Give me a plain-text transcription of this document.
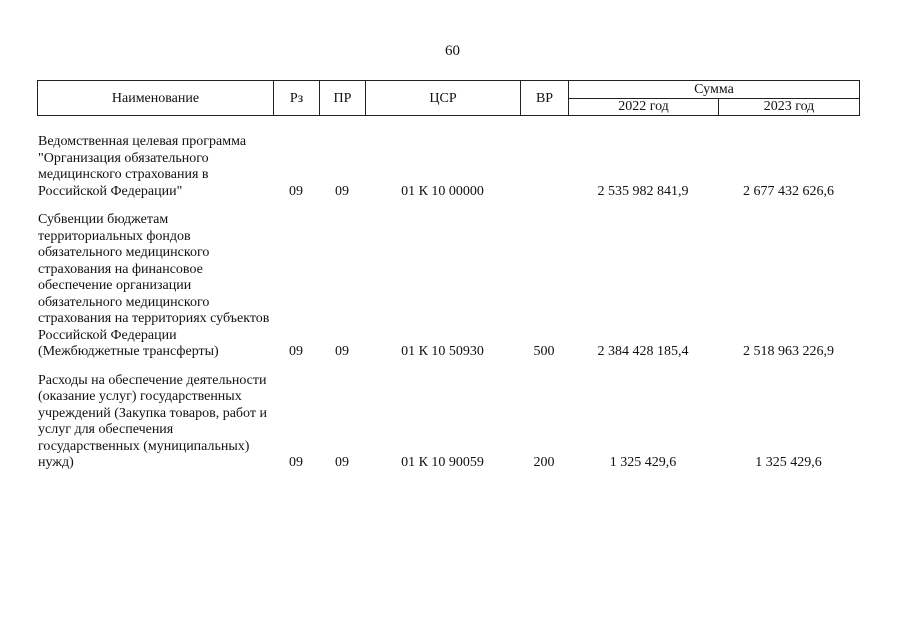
60
Наименование	Рз	ПР	ЦСР	ВР	Сумма	
					2022 год	2023 год
Ведомственная целевая программа "Организация обязательного медицинского страхования в Российской Федерации"	09	09	01 К 10 00000		2 535 982 841,9	2 677 432 626,6
Субвенции бюджетам территориальных фондов обязательного медицинского страхования на финансовое обеспечение организации обязательного медицинского страхования на территориях субъектов Российской Федерации (Межбюджетные трансферты)	09	09	01 К 10 50930	500	2 384 428 185,4	2 518 963 226,9
Расходы на обеспечение деятельности (оказание услуг) государственных учреждений (Закупка товаров, работ и услуг для обеспечения государственных (муниципальных) нужд)	09	09	01 К 10 90059	200	1 325 429,6	1 325 429,6
